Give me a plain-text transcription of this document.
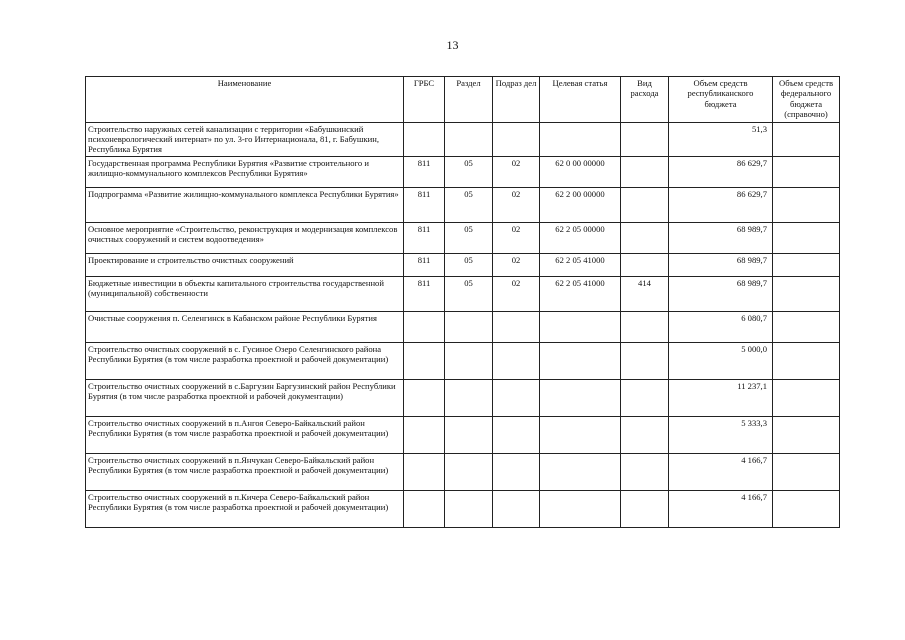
13
Наименование	ГРБС	Раздел	Подраз дел	Целевая статья	Вид расхода	Объем средств республиканского бюджета	Объем средств федерального бюджета (справочно)
Строительство наружных сетей канализации с территории «Бабушкинский психоневрологический интернат» по ул. 3-го Интернационала, 81, г. Бабушкин, Республика Бурятия						51,3	
Государственная программа Республики Бурятия «Развитие строительного и жилищно-коммунального комплексов Республики Бурятия»	811	05	02	62 0 00 00000		86 629,7	
Подпрограмма «Развитие жилищно-коммунального комплекса Республики Бурятия»	811	05	02	62 2 00 00000		86 629,7	
Основное мероприятие «Строительство, реконструкция и модернизация комплексов очистных сооружений и систем водоотведения»	811	05	02	62 2 05 00000		68 989,7	
Проектирование и строительство очистных сооружений	811	05	02	62 2 05 41000		68 989,7	
Бюджетные инвестиции в объекты капитального строительства государственной (муниципальной) собственности	811	05	02	62 2 05 41000	414	68 989,7	
Очистные сооружения п. Селенгинск в Кабанском районе Республики Бурятия						6 080,7	
Строительство очистных сооружений в с. Гусиное Озеро Селенгинского района Республики Бурятия (в том числе разработка проектной и рабочей документации)						5 000,0	
Строительство очистных сооружений в с.Баргузин Баргузинский район Республики Бурятия (в том числе разработка проектной и рабочей документации)						11 237,1	
Строительство очистных сооружений в п.Ангоя Северо-Байкальский район Республики Бурятия (в том числе разработка проектной и рабочей документации)						5 333,3	
Строительство очистных сооружений в п.Янчукан Северо-Байкальский район Республики Бурятия (в том числе разработка проектной и рабочей документации)						4 166,7	
Строительство очистных сооружений в п.Кичера Северо-Байкальский район Республики Бурятия (в том числе разработка проектной и рабочей документации)						4 166,7	
